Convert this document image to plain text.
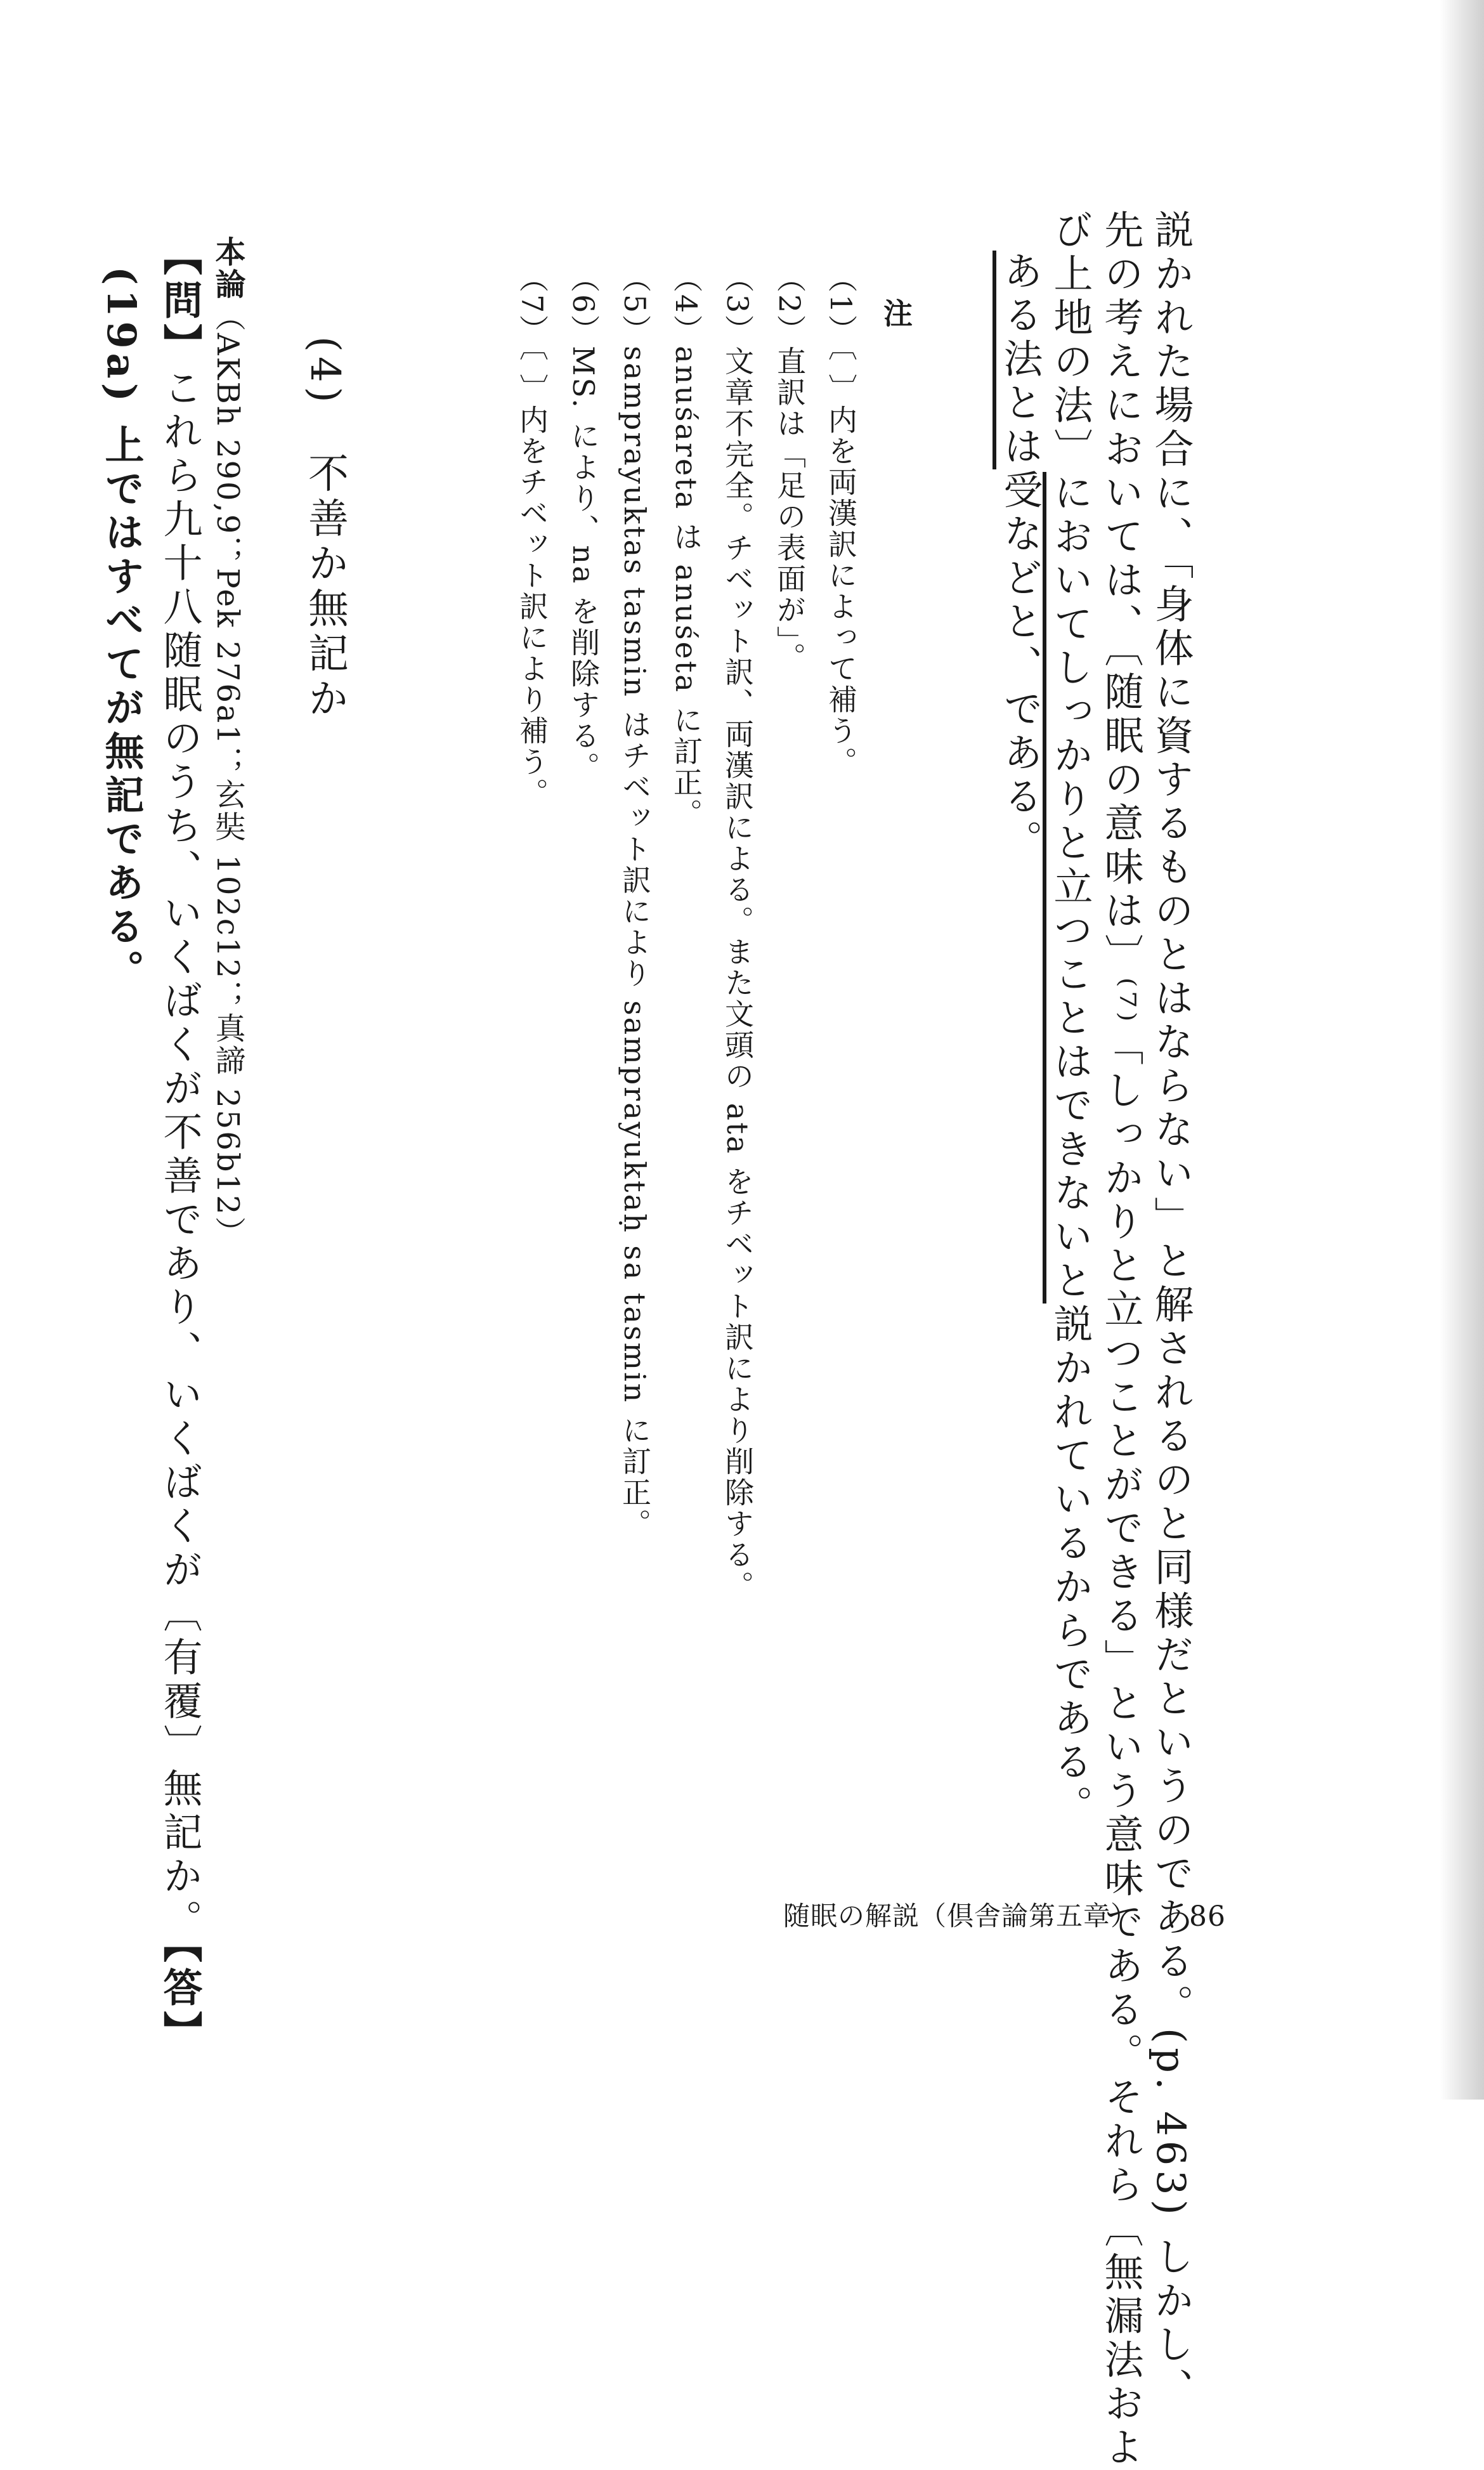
説かれた場合に、「身体に資するものとはならない」と解されるのと同様だというのである。(p. 463) しかし、
先の考えにおいては、〔随眠の意味は〕⁽⁷⁾「しっかりと立つことができる」という意味である。それら〔無漏法およ
び上地の法〕においてしっかりと立つことはできないと説かれているからである。
ある法とは受などと、である。
注
（1）〔 〕内を両漢訳によって補う。
（2）直訳は「足の表面が」。
（3）文章不完全。チベット訳、両漢訳による。また文頭の ata をチベット訳により削除する。
（4）anuśareta は anuśeta に訂正。
（5）samprayuktas tasmin はチベット訳により samprayuktaḥ sa tasmin に訂正。
（6）MS. により、na を削除する。
（7）〔 〕内をチベット訳により補う。
(4)　不善か無記か
本論（AKBh 290,9；Pek 276a1；玄奘 102c12；真諦 256b12）
【問】これら九十八随眠のうち、いくばくが不善であり、いくばくが〔有覆〕無記か。【答】
(19a) 上ではすべてが無記である。
随眠の解説（倶舎論第五章） 86
